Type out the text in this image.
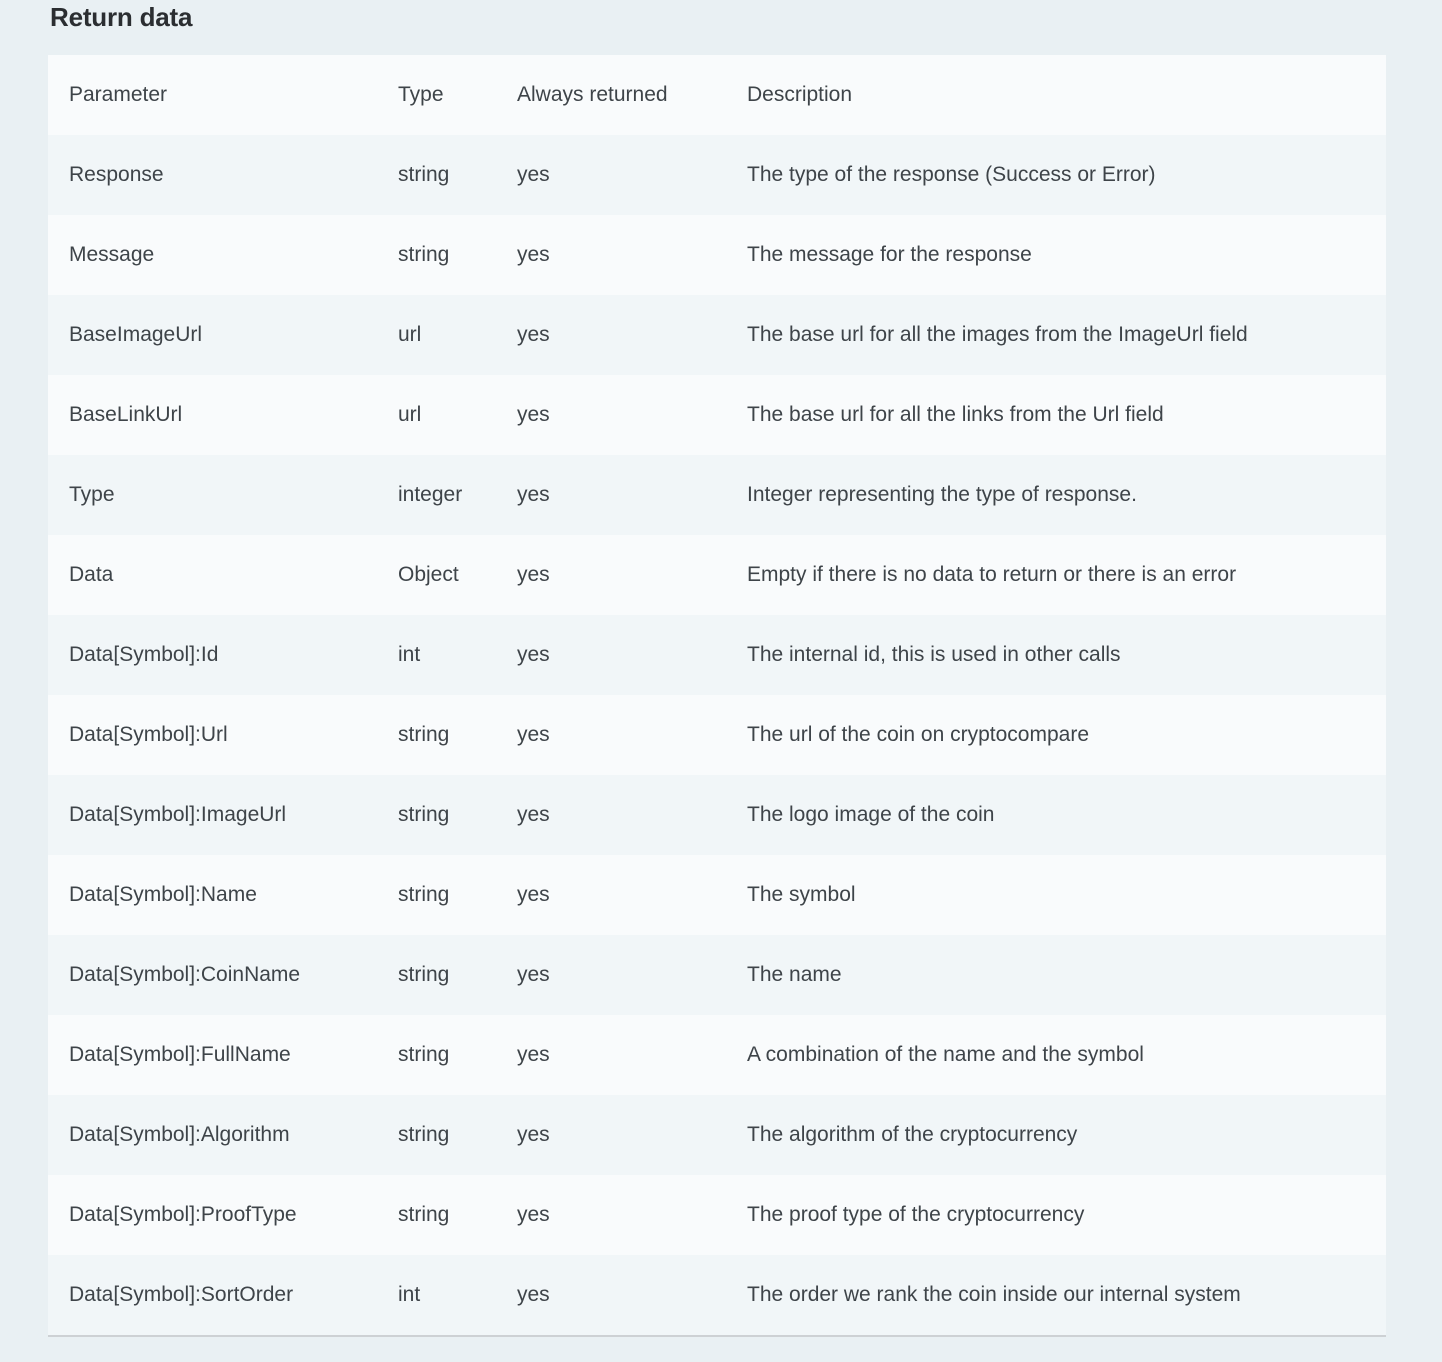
Return data
Parameter	Type	Always returned	Description
Response	string	yes	The type of the response (Success or Error)
Message	string	yes	The message for the response
BaseImageUrl	url	yes	The base url for all the images from the ImageUrl field
BaseLinkUrl	url	yes	The base url for all the links from the Url field
Type	integer	yes	Integer representing the type of response.
Data	Object	yes	Empty if there is no data to return or there is an error
Data[Symbol]:Id	int	yes	The internal id, this is used in other calls
Data[Symbol]:Url	string	yes	The url of the coin on cryptocompare
Data[Symbol]:ImageUrl	string	yes	The logo image of the coin
Data[Symbol]:Name	string	yes	The symbol
Data[Symbol]:CoinName	string	yes	The name
Data[Symbol]:FullName	string	yes	A combination of the name and the symbol
Data[Symbol]:Algorithm	string	yes	The algorithm of the cryptocurrency
Data[Symbol]:ProofType	string	yes	The proof type of the cryptocurrency
Data[Symbol]:SortOrder	int	yes	The order we rank the coin inside our internal system
